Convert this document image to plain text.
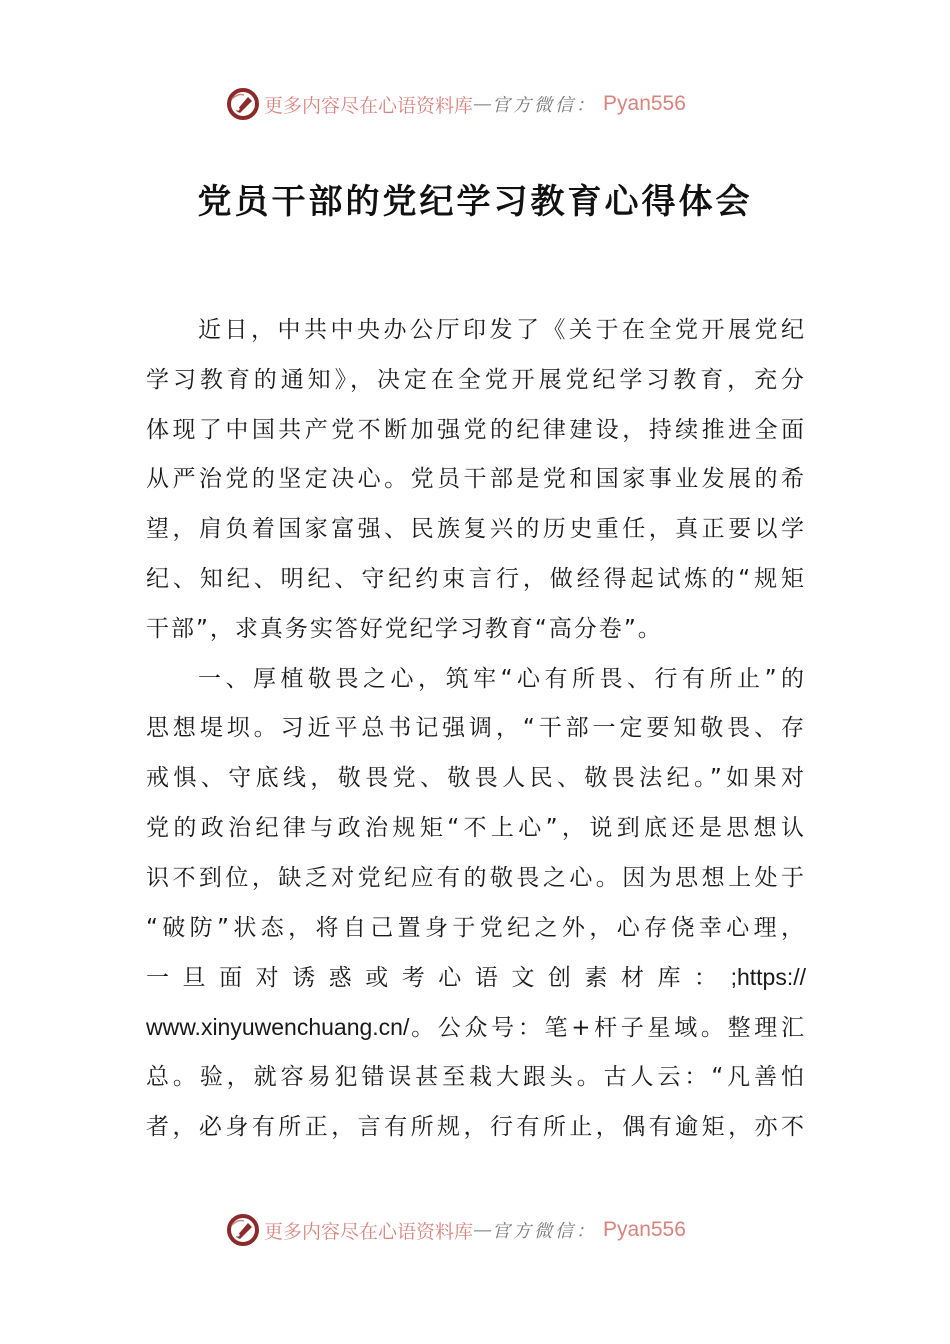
更多内容尽在心语资料库 — 官方微信： Pyan556
党员干部的党纪学习教育心得体会
近日，中共中央办公厅印发了《关于在全党开展党纪
学习教育的通知》，决定在全党开展党纪学习教育，充分
体现了中国共产党不断加强党的纪律建设，持续推进全面
从严治党的坚定决心。党员干部是党和国家事业发展的希
望，肩负着国家富强、民族复兴的历史重任，真正要以学
纪、知纪、明纪、守纪约束言行，做经得起试炼的“规矩
干部”，求真务实答好党纪学习教育“高分卷”。
一、厚植敬畏之心，筑牢“心有所畏、行有所止”的
思想堤坝。习近平总书记强调，“干部一定要知敬畏、存
戒惧、守底线，敬畏党、敬畏人民、敬畏法纪。”如果对
党的政治纪律与政治规矩“不上心”，说到底还是思想认
识不到位，缺乏对党纪应有的敬畏之心。因为思想上处于
“破防”状态，将自己置身于党纪之外，心存侥幸心理，
一旦面对诱惑或考心语文创素材库：;https://
www.xinyuwenchuang.cn/。公众号：笔+杆子星域。整理汇
总。验，就容易犯错误甚至栽大跟头。古人云：“凡善怕
者，必身有所正，言有所规，行有所止，偶有逾矩，亦不
更多内容尽在心语资料库 — 官方微信： Pyan556
